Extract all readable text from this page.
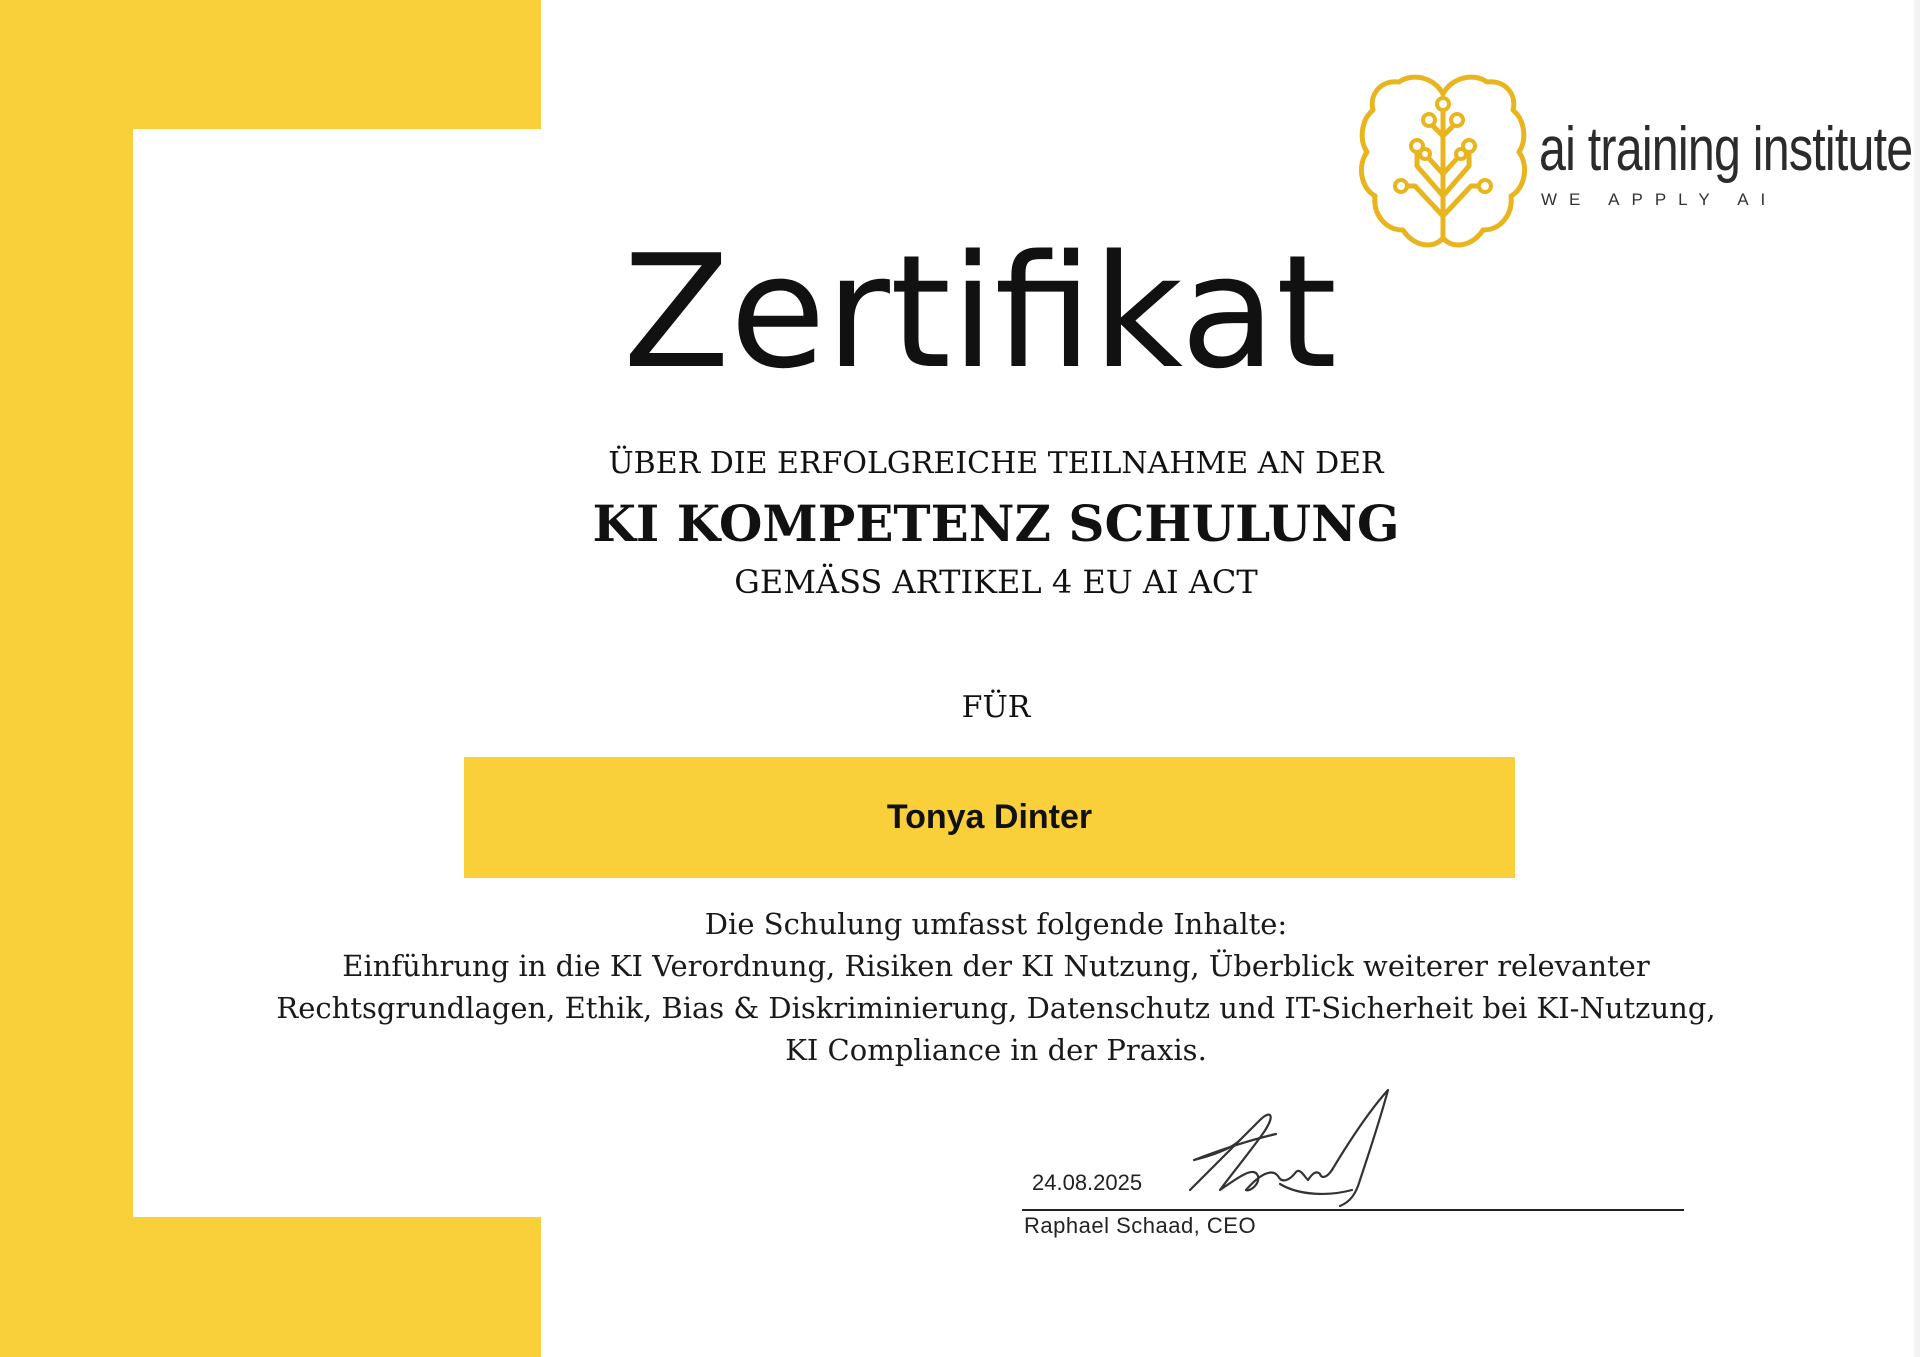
ai training institute
WE APPLY AI
Zertifikat
ÜBER DIE ERFOLGREICHE TEILNAHME AN DER
KI KOMPETENZ SCHULUNG
GEMÄSS ARTIKEL 4 EU AI ACT
FÜR
Tonya Dinter
Die Schulung umfasst folgende Inhalte:
Einführung in die KI Verordnung, Risiken der KI Nutzung, Überblick weiterer relevanter
Rechtsgrundlagen, Ethik, Bias & Diskriminierung, Datenschutz und IT-Sicherheit bei KI-Nutzung,
KI Compliance in der Praxis.
24.08.2025
Raphael Schaad, CEO
